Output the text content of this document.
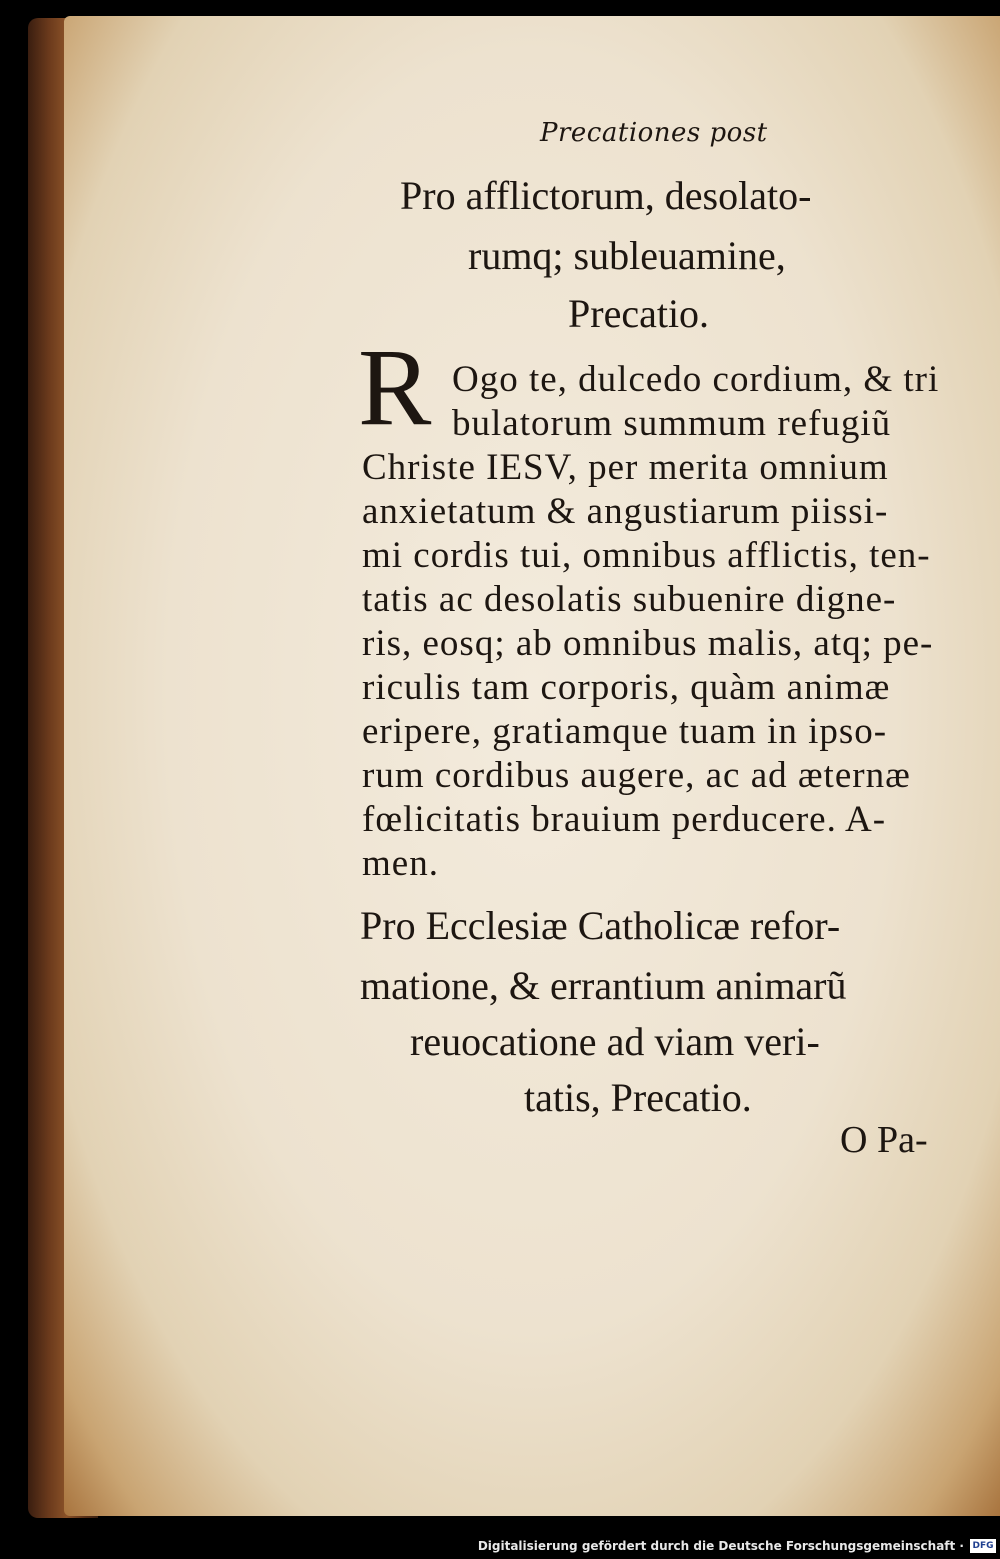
Precationes post
Pro afflictorum, desolato-
rumq; subleuamine,
Precatio.
R Ogo te, dulcedo cordium, & tri
bulatorum summum refugiũ
Christe IESV, per merita omnium
anxietatum & angustiarum piissi-
mi cordis tui, omnibus afflictis, ten-
tatis ac desolatis subuenire digne-
ris, eosq; ab omnibus malis, atq; pe-
riculis tam corporis, quàm animæ
eripere, gratiamque tuam in ipso-
rum cordibus augere, ac ad æternæ
fœlicitatis brauium perducere. A-
men.
Pro Ecclesiæ Catholicæ refor-
matione, & errantium animarũ
reuocatione ad viam veri-
tatis, Precatio.
O Pa-
Digitalisierung gefördert durch die Deutsche Forschungsgemeinschaft · DFG
